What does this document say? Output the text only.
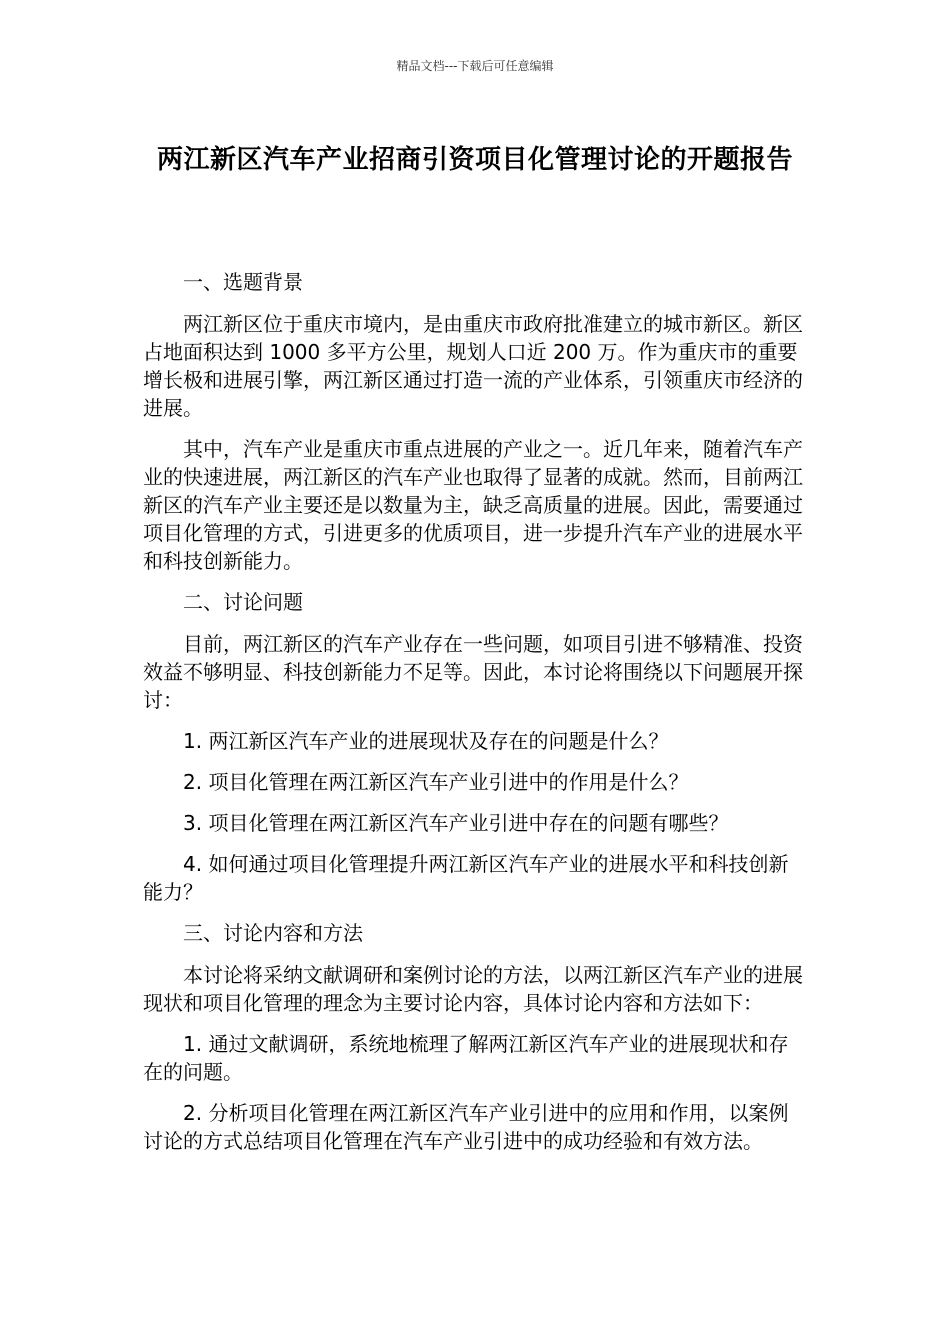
精品文档---下载后可任意编辑
两江新区汽车产业招商引资项目化管理讨论的开题报告

一、选题背景

两江新区位于重庆市境内，是由重庆市政府批准建立的城市新区。新区占地面积达到 1000 多平方公里，规划人口近 200 万。作为重庆市的重要增长极和进展引擎，两江新区通过打造一流的产业体系，引领重庆市经济的进展。

其中，汽车产业是重庆市重点进展的产业之一。近几年来，随着汽车产业的快速进展，两江新区的汽车产业也取得了显著的成就。然而，目前两江新区的汽车产业主要还是以数量为主，缺乏高质量的进展。因此，需要通过项目化管理的方式，引进更多的优质项目，进一步提升汽车产业的进展水平和科技创新能力。

二、讨论问题

目前，两江新区的汽车产业存在一些问题，如项目引进不够精准、投资效益不够明显、科技创新能力不足等。因此，本讨论将围绕以下问题展开探讨：

1. 两江新区汽车产业的进展现状及存在的问题是什么？

2. 项目化管理在两江新区汽车产业引进中的作用是什么？

3. 项目化管理在两江新区汽车产业引进中存在的问题有哪些？

4. 如何通过项目化管理提升两江新区汽车产业的进展水平和科技创新能力？

三、讨论内容和方法

本讨论将采纳文献调研和案例讨论的方法，以两江新区汽车产业的进展现状和项目化管理的理念为主要讨论内容，具体讨论内容和方法如下：

1. 通过文献调研，系统地梳理了解两江新区汽车产业的进展现状和存在的问题。

2. 分析项目化管理在两江新区汽车产业引进中的应用和作用，以案例讨论的方式总结项目化管理在汽车产业引进中的成功经验和有效方法。
